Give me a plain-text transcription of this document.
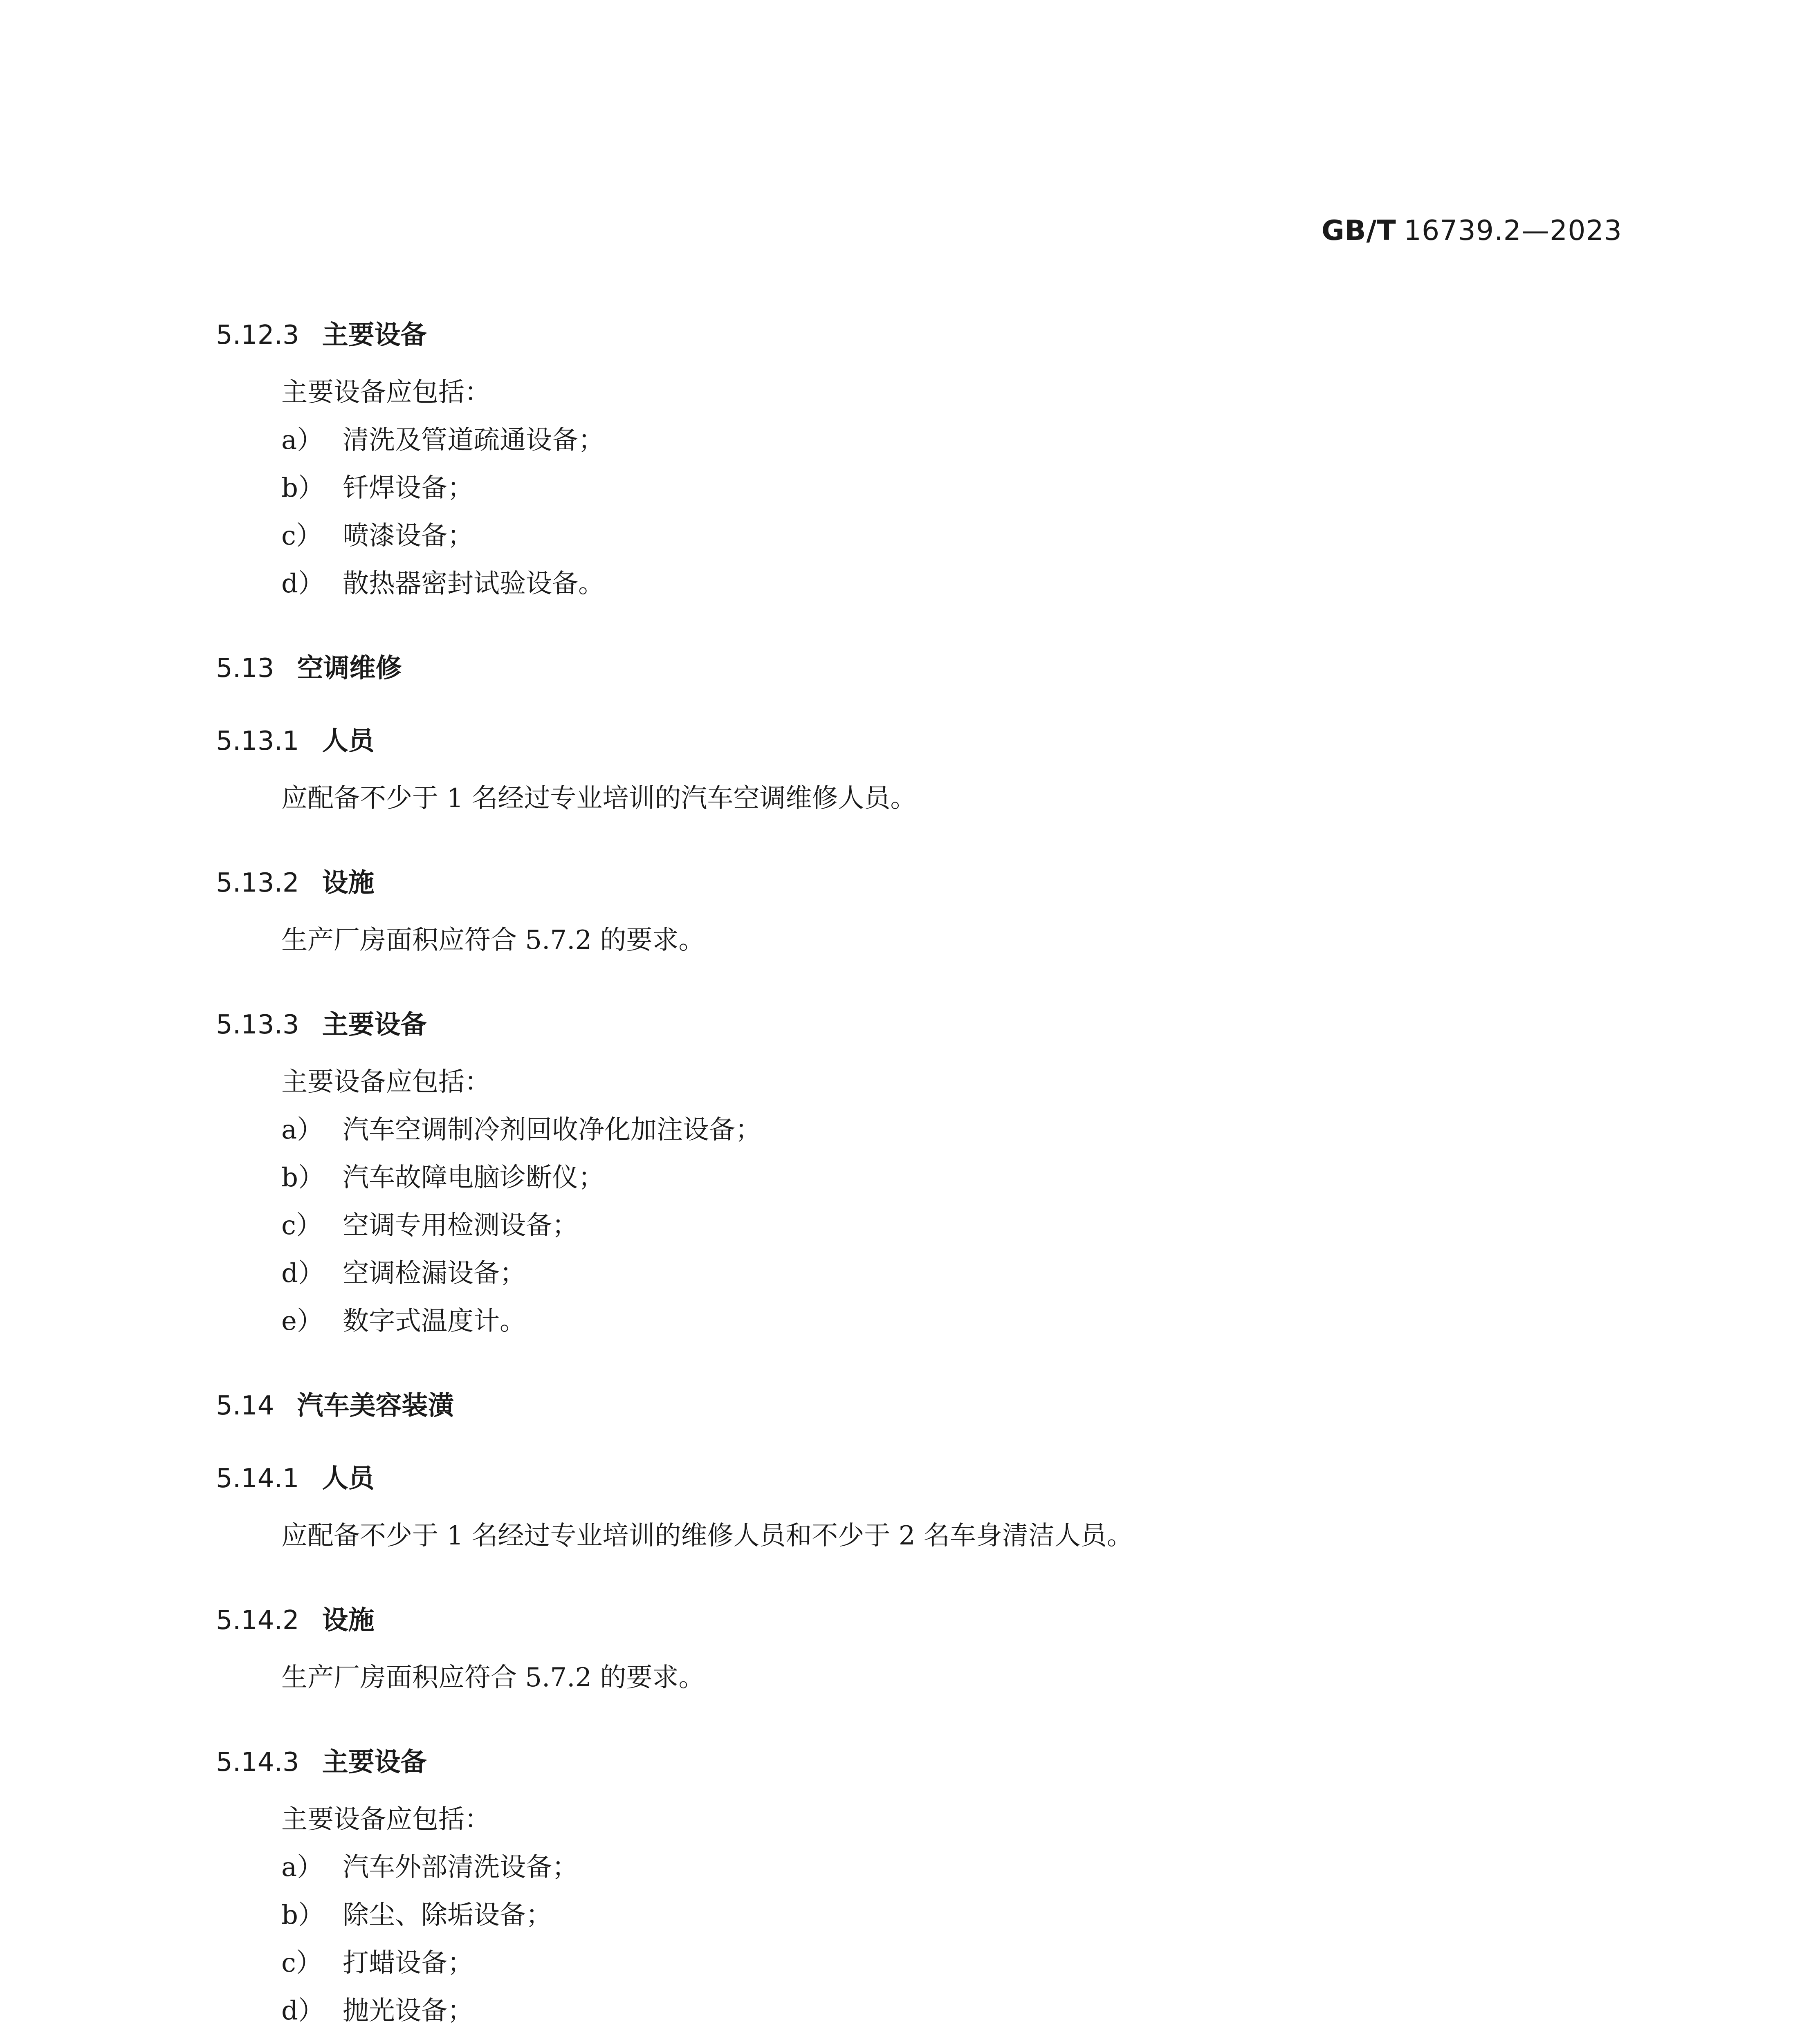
GB/T 16739.2—2023
5.12.3 主要设备
主要设备应包括：
a） 清洗及管道疏通设备；
b） 钎焊设备；
c） 喷漆设备；
d） 散热器密封试验设备。
5.13 空调维修
5.13.1 人员
应配备不少于 1 名经过专业培训的汽车空调维修人员。
5.13.2 设施
生产厂房面积应符合 5.7.2 的要求。
5.13.3 主要设备
主要设备应包括：
a） 汽车空调制冷剂回收净化加注设备；
b） 汽车故障电脑诊断仪；
c） 空调专用检测设备；
d） 空调检漏设备；
e） 数字式温度计。
5.14 汽车美容装潢
5.14.1 人员
应配备不少于 1 名经过专业培训的维修人员和不少于 2 名车身清洁人员。
5.14.2 设施
生产厂房面积应符合 5.7.2 的要求。
5.14.3 主要设备
主要设备应包括：
a） 汽车外部清洗设备；
b） 除尘、除垢设备；
c） 打蜡设备；
d） 抛光设备；
